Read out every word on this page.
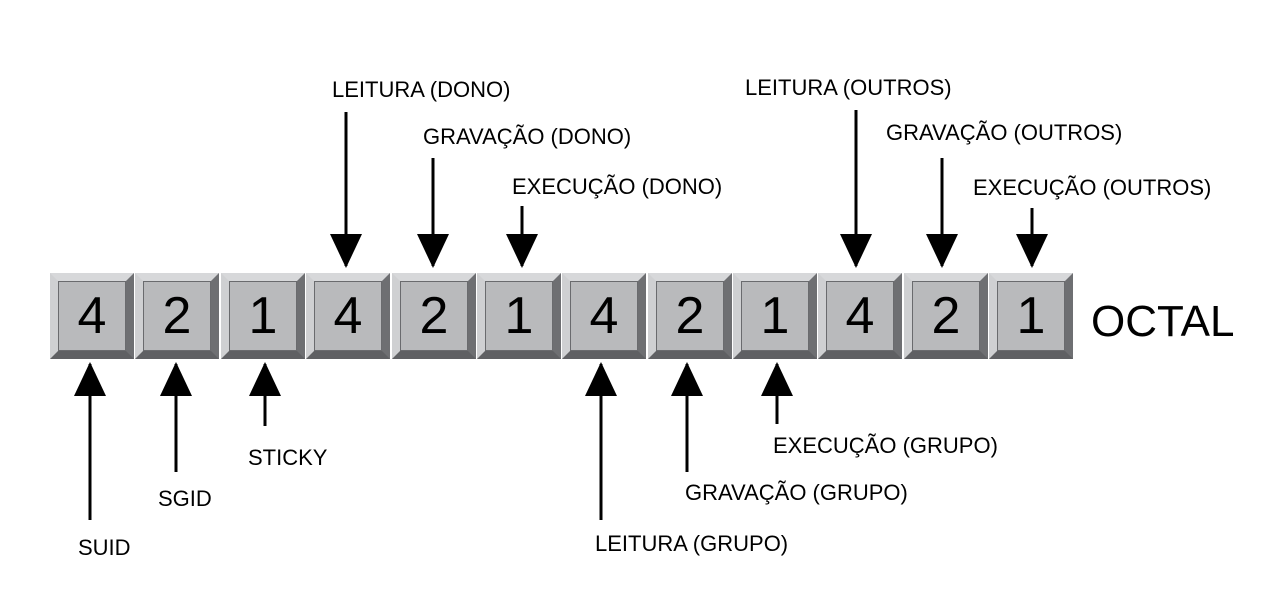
4	2	1	4	2	1	4	2	1	4	2	1	OCTAL
LEITURA (DONO)
GRAVAÇÃO (DONO)
EXECUÇÃO (DONO)
LEITURA (OUTROS)
GRAVAÇÃO (OUTROS)
EXECUÇÃO (OUTROS)
SUID
SGID
STICKY
LEITURA (GRUPO)
GRAVAÇÃO (GRUPO)
EXECUÇÃO (GRUPO)
